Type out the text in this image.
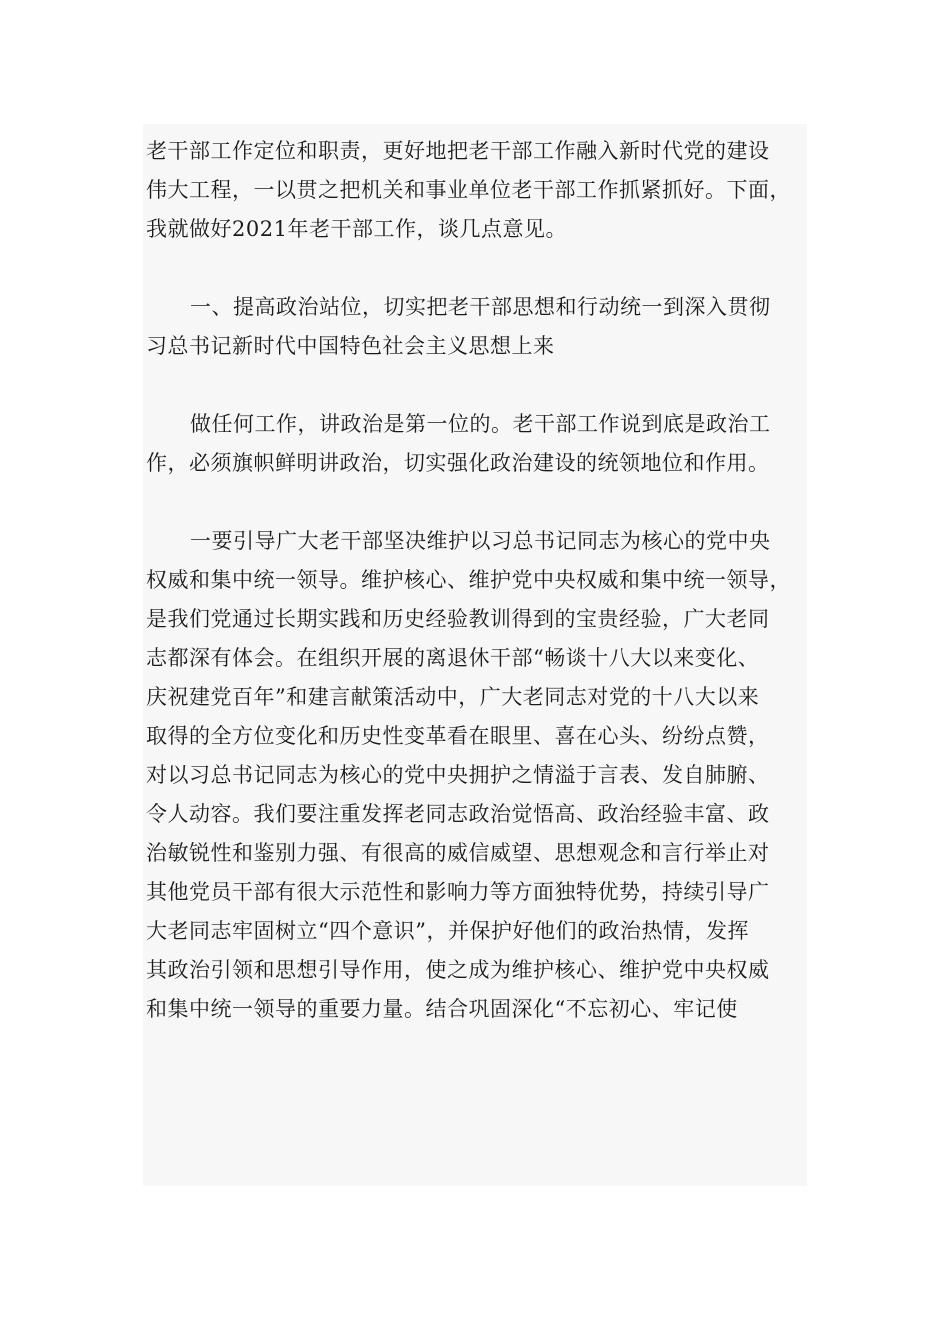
老干部工作定位和职责，更好地把老干部工作融入新时代党的建设
伟大工程，一以贯之把机关和事业单位老干部工作抓紧抓好。下面，
我就做好2021年老干部工作，谈几点意见。
一、提高政治站位，切实把老干部思想和行动统一到深入贯彻
习总书记新时代中国特色社会主义思想上来
做任何工作，讲政治是第一位的。老干部工作说到底是政治工
作，必须旗帜鲜明讲政治，切实强化政治建设的统领地位和作用。
一要引导广大老干部坚决维护以习总书记同志为核心的党中央
权威和集中统一领导。维护核心、维护党中央权威和集中统一领导，
是我们党通过长期实践和历史经验教训得到的宝贵经验，广大老同
志都深有体会。在组织开展的离退休干部“畅谈十八大以来变化、
庆祝建党百年”和建言献策活动中，广大老同志对党的十八大以来
取得的全方位变化和历史性变革看在眼里、喜在心头、纷纷点赞，
对以习总书记同志为核心的党中央拥护之情溢于言表、发自肺腑、
令人动容。我们要注重发挥老同志政治觉悟高、政治经验丰富、政
治敏锐性和鉴别力强、有很高的威信威望、思想观念和言行举止对
其他党员干部有很大示范性和影响力等方面独特优势，持续引导广
大老同志牢固树立“四个意识”，并保护好他们的政治热情，发挥
其政治引领和思想引导作用，使之成为维护核心、维护党中央权威
和集中统一领导的重要力量。结合巩固深化“不忘初心、牢记使
